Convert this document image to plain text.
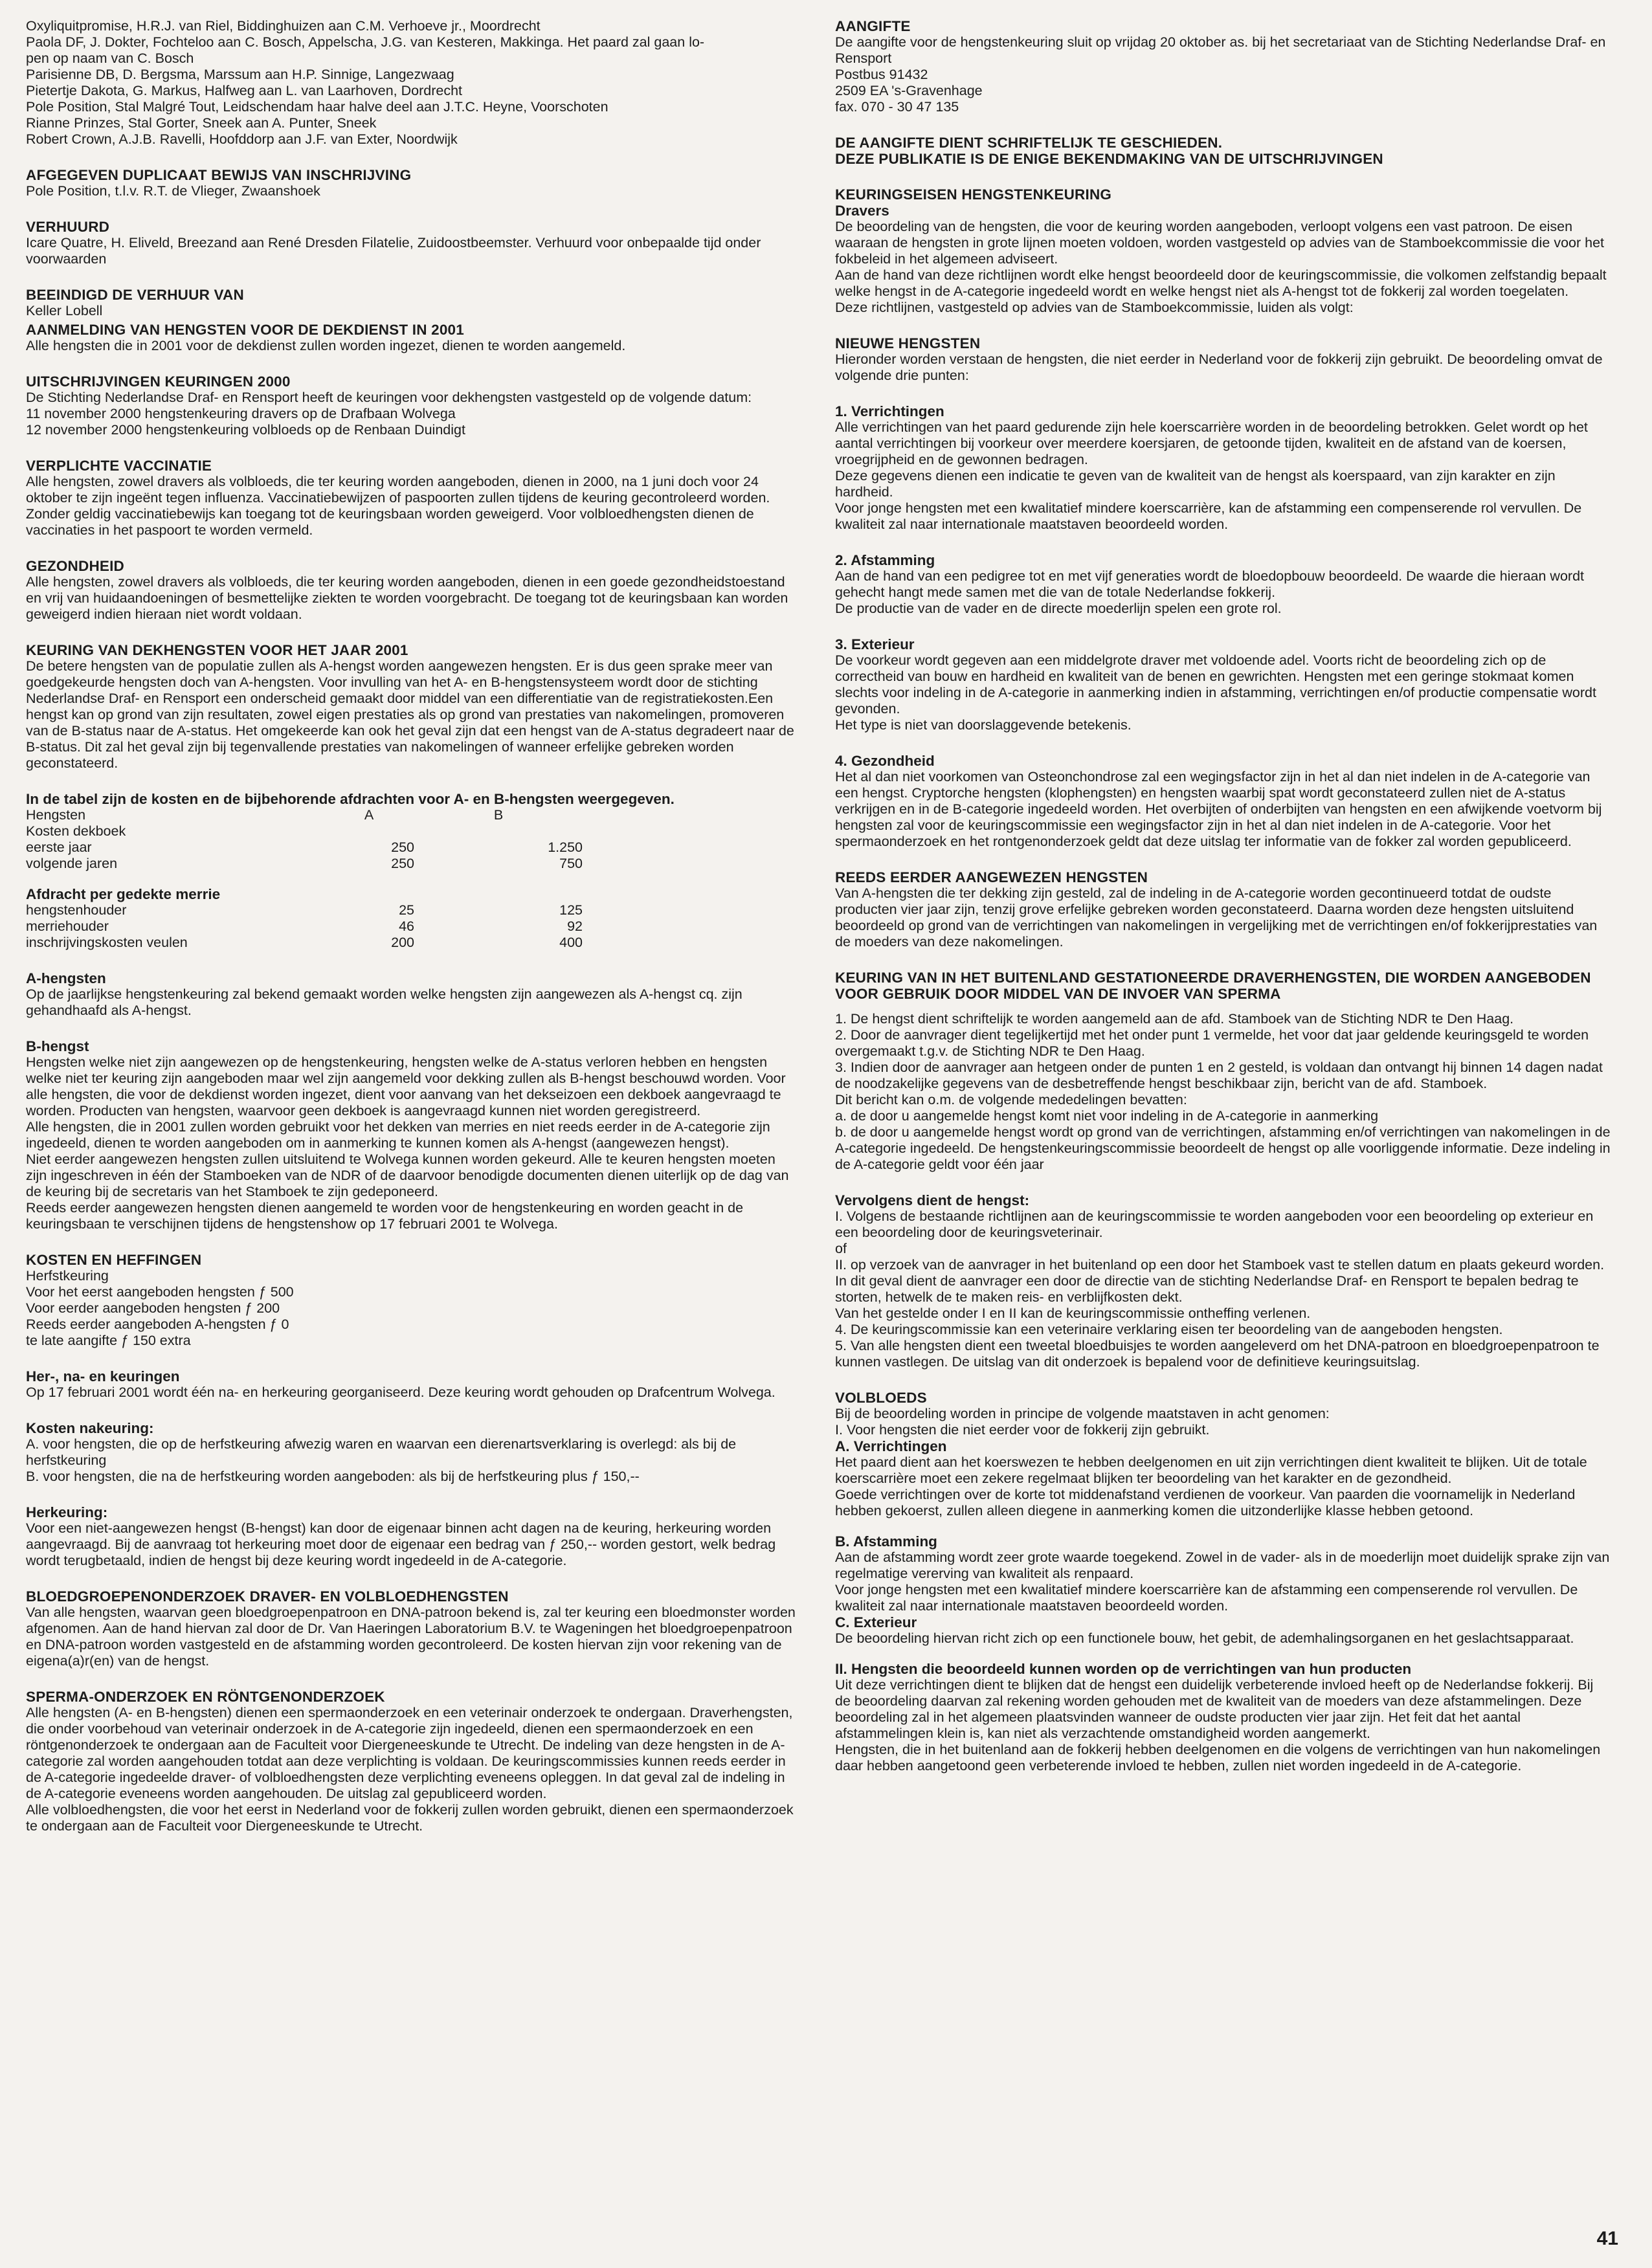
Oxyliquitpromise, H.R.J. van Riel, Biddinghuizen aan C.M. Verhoeve jr., Moordrecht
Paola DF, J. Dokter, Fochteloo aan C. Bosch, Appelscha, J.G. van Kesteren, Makkinga. Het paard zal gaan lo-
pen op naam van C. Bosch
Parisienne DB, D. Bergsma, Marssum aan H.P. Sinnige, Langezwaag
Pietertje Dakota, G. Markus, Halfweg aan L. van Laarhoven, Dordrecht
Pole Position, Stal Malgré Tout, Leidschendam haar halve deel aan J.T.C. Heyne, Voorschoten
Rianne Prinzes, Stal Gorter, Sneek aan A. Punter, Sneek
Robert Crown, A.J.B. Ravelli, Hoofddorp aan J.F. van Exter, Noordwijk
AFGEGEVEN DUPLICAAT BEWIJS VAN INSCHRIJVING

Pole Position, t.l.v. R.T. de Vlieger, Zwaanshoek

VERHUURD

Icare Quatre, H. Eliveld, Breezand aan René Dresden Filatelie, Zuidoostbeemster. Verhuurd voor onbepaalde tijd onder voorwaarden

BEEINDIGD DE VERHUUR VAN

Keller Lobell

AANMELDING VAN HENGSTEN VOOR DE DEKDIENST IN 2001

Alle hengsten die in 2001 voor de dekdienst zullen worden ingezet, dienen te worden aangemeld.

UITSCHRIJVINGEN KEURINGEN 2000

De Stichting Nederlandse Draf- en Rensport heeft de keuringen voor dekhengsten vastgesteld op de volgende datum:

11 november 2000 hengstenkeuring dravers op de Drafbaan Wolvega
12 november 2000 hengstenkeuring volbloeds op de Renbaan Duindigt
VERPLICHTE VACCINATIE

Alle hengsten, zowel dravers als volbloeds, die ter keuring worden aangeboden, dienen in 2000, na 1 juni doch voor 24 oktober te zijn ingeënt tegen influenza. Vaccinatiebewijzen of paspoorten zullen tijdens de keuring gecontroleerd worden. Zonder geldig vaccinatiebewijs kan toegang tot de keuringsbaan worden geweigerd. Voor volbloedhengsten dienen de vaccinaties in het paspoort te worden vermeld.

GEZONDHEID

Alle hengsten, zowel dravers als volbloeds, die ter keuring worden aangeboden, dienen in een goede gezondheidstoestand en vrij van huidaandoeningen of besmettelijke ziekten te worden voorgebracht. De toegang tot de keuringsbaan kan worden geweigerd indien hieraan niet wordt voldaan.

KEURING VAN DEKHENGSTEN VOOR HET JAAR 2001

De betere hengsten van de populatie zullen als A-hengst worden aangewezen hengsten. Er is dus geen sprake meer van goedgekeurde hengsten doch van A-hengsten. Voor invulling van het A- en B-hengstensysteem wordt door de stichting Nederlandse Draf- en Rensport een onderscheid gemaakt door middel van een differentiatie van de registratiekosten.Een hengst kan op grond van zijn resultaten, zowel eigen prestaties als op grond van prestaties van nakomelingen, promoveren van de B-status naar de A-status. Het omgekeerde kan ook het geval zijn dat een hengst van de A-status degradeert naar de B-status. Dit zal het geval zijn bij tegenvallende prestaties van nakomelingen of wanneer erfelijke gebreken worden geconstateerd.

In de tabel zijn de kosten en de bijbehorende afdrachten voor A- en B-hengsten weergegeven.
Hengsten	A	B
Kosten dekboek		
eerste jaar	250	1.250
volgende jaren	250	750

Afdracht per gedekte merrie		
hengstenhouder	25	125
merriehouder	46	92
inschrijvingskosten veulen	200	400
A-hengsten

Op de jaarlijkse hengstenkeuring zal bekend gemaakt worden welke hengsten zijn aangewezen als A-hengst cq. zijn gehandhaafd als A-hengst.

B-hengst

Hengsten welke niet zijn aangewezen op de hengstenkeuring, hengsten welke de A-status verloren hebben en hengsten welke niet ter keuring zijn aangeboden maar wel zijn aangemeld voor dekking zullen als B-hengst beschouwd worden. Voor alle hengsten, die voor de dekdienst worden ingezet, dient voor aanvang van het dekseizoen een dekboek aangevraagd te worden. Producten van hengsten, waarvoor geen dekboek is aangevraagd kunnen niet worden geregistreerd.

Alle hengsten, die in 2001 zullen worden gebruikt voor het dekken van merries en niet reeds eerder in de A-categorie zijn ingedeeld, dienen te worden aangeboden om in aanmerking te kunnen komen als A-hengst (aangewezen hengst).

Niet eerder aangewezen hengsten zullen uitsluitend te Wolvega kunnen worden gekeurd. Alle te keuren hengsten moeten zijn ingeschreven in één der Stamboeken van de NDR of de daarvoor benodigde documenten dienen uiterlijk op de dag van de keuring bij de secretaris van het Stamboek te zijn gedeponeerd.

Reeds eerder aangewezen hengsten dienen aangemeld te worden voor de hengstenkeuring en worden geacht in de keuringsbaan te verschijnen tijdens de hengstenshow op 17 februari 2001 te Wolvega.

KOSTEN EN HEFFINGEN
Herfstkeuring
Voor het eerst aangeboden hengsten ƒ 500
Voor eerder aangeboden hengsten ƒ 200
Reeds eerder aangeboden A-hengsten ƒ 0
te late aangifte ƒ 150 extra
Her-, na- en keuringen

Op 17 februari 2001 wordt één na- en herkeuring georganiseerd. Deze keuring wordt gehouden op Drafcentrum Wolvega.

Kosten nakeuring:

A. voor hengsten, die op de herfstkeuring afwezig waren en waarvan een dierenartsverklaring is overlegd: als bij de herfstkeuring

B. voor hengsten, die na de herfstkeuring worden aangeboden: als bij de herfstkeuring plus ƒ 150,--

Herkeuring:

Voor een niet-aangewezen hengst (B-hengst) kan door de eigenaar binnen acht dagen na de keuring, herkeuring worden aangevraagd. Bij de aanvraag tot herkeuring moet door de eigenaar een bedrag van ƒ 250,-- worden gestort, welk bedrag wordt terugbetaald, indien de hengst bij deze keuring wordt ingedeeld in de A-categorie.

BLOEDGROEPENONDERZOEK DRAVER- EN VOLBLOEDHENGSTEN

Van alle hengsten, waarvan geen bloedgroepenpatroon en DNA-patroon bekend is, zal ter keuring een bloedmonster worden afgenomen. Aan de hand hiervan zal door de Dr. Van Haeringen Laboratorium B.V. te Wageningen het bloedgroepenpatroon en DNA-patroon worden vastgesteld en de afstamming worden gecontroleerd. De kosten hiervan zijn voor rekening van de eigena(a)r(en) van de hengst.

SPERMA-ONDERZOEK EN RÖNTGENONDERZOEK

Alle hengsten (A- en B-hengsten) dienen een spermaonderzoek en een veterinair onderzoek te ondergaan. Draverhengsten, die onder voorbehoud van veterinair onderzoek in de A-categorie zijn ingedeeld, dienen een spermaonderzoek en een röntgenonderzoek te ondergaan aan de Faculteit voor Diergeneeskunde te Utrecht. De indeling van deze hengsten in de A-categorie zal worden aangehouden totdat aan deze verplichting is voldaan. De keuringscommissies kunnen reeds eerder in de A-categorie ingedeelde draver- of volbloedhengsten deze verplichting eveneens opleggen. In dat geval zal de indeling in de A-categorie eveneens worden aangehouden. De uitslag zal gepubliceerd worden.

Alle volbloedhengsten, die voor het eerst in Nederland voor de fokkerij zullen worden gebruikt, dienen een spermaonderzoek te ondergaan aan de Faculteit voor Diergeneeskunde te Utrecht.

AANGIFTE

De aangifte voor de hengstenkeuring sluit op vrijdag 20 oktober as. bij het secretariaat van de Stichting Nederlandse Draf- en Rensport

Postbus 91432
2509 EA 's-Gravenhage
fax. 070 - 30 47 135
DE AANGIFTE DIENT SCHRIFTELIJK TE GESCHIEDEN.
DEZE PUBLIKATIE IS DE ENIGE BEKENDMAKING VAN DE UITSCHRIJVINGEN
KEURINGSEISEN HENGSTENKEURING
Dravers

De beoordeling van de hengsten, die voor de keuring worden aangeboden, verloopt volgens een vast patroon. De eisen waaraan de hengsten in grote lijnen moeten voldoen, worden vastgesteld op advies van de Stamboekcommissie die voor het fokbeleid in het algemeen adviseert.

Aan de hand van deze richtlijnen wordt elke hengst beoordeeld door de keuringscommissie, die volkomen zelfstandig bepaalt welke hengst in de A-categorie ingedeeld wordt en welke hengst niet als A-hengst tot de fokkerij zal worden toegelaten.

Deze richtlijnen, vastgesteld op advies van de Stamboekcommissie, luiden als volgt:

NIEUWE HENGSTEN

Hieronder worden verstaan de hengsten, die niet eerder in Nederland voor de fokkerij zijn gebruikt. De beoordeling omvat de volgende drie punten:

1. Verrichtingen

Alle verrichtingen van het paard gedurende zijn hele koerscarrière worden in de beoordeling betrokken. Gelet wordt op het aantal verrichtingen bij voorkeur over meerdere koersjaren, de getoonde tijden, kwaliteit en de afstand van de koersen, vroegrijpheid en de gewonnen bedragen.

Deze gegevens dienen een indicatie te geven van de kwaliteit van de hengst als koerspaard, van zijn karakter en zijn hardheid.

Voor jonge hengsten met een kwalitatief mindere koerscarrière, kan de afstamming een compenserende rol vervullen. De kwaliteit zal naar internationale maatstaven beoordeeld worden.

2. Afstamming

Aan de hand van een pedigree tot en met vijf generaties wordt de bloedopbouw beoordeeld. De waarde die hieraan wordt gehecht hangt mede samen met die van de totale Nederlandse fokkerij.

De productie van de vader en de directe moederlijn spelen een grote rol.

3. Exterieur

De voorkeur wordt gegeven aan een middelgrote draver met voldoende adel. Voorts richt de beoordeling zich op de correctheid van bouw en hardheid en kwaliteit van de benen en gewrichten. Hengsten met een geringe stokmaat komen slechts voor indeling in de A-categorie in aanmerking indien in afstamming, verrichtingen en/of productie compensatie wordt gevonden.

Het type is niet van doorslaggevende betekenis.

4. Gezondheid

Het al dan niet voorkomen van Osteonchondrose zal een wegingsfactor zijn in het al dan niet indelen in de A-categorie van een hengst. Cryptorche hengsten (klophengsten) en hengsten waarbij spat wordt geconstateerd zullen niet de A-status verkrijgen en in de B-categorie ingedeeld worden. Het overbijten of onderbijten van hengsten en een afwijkende voetvorm bij hengsten zal voor de keuringscommissie een wegingsfactor zijn in het al dan niet indelen in de A-categorie. Voor het spermaonderzoek en het rontgenonderzoek geldt dat deze uitslag ter informatie van de fokker zal worden gepubliceerd.

REEDS EERDER AANGEWEZEN HENGSTEN

Van A-hengsten die ter dekking zijn gesteld, zal de indeling in de A-categorie worden gecontinueerd totdat de oudste producten vier jaar zijn, tenzij grove erfelijke gebreken worden geconstateerd. Daarna worden deze hengsten uitsluitend beoordeeld op grond van de verrichtingen van nakomelingen in vergelijking met de verrichtingen en/of fokkerijprestaties van de moeders van deze nakomelingen.

KEURING VAN IN HET BUITENLAND GESTATIONEERDE DRAVERHENGSTEN, DIE WORDEN AANGEBODEN VOOR GEBRUIK DOOR MIDDEL VAN DE INVOER VAN SPERMA

1. De hengst dient schriftelijk te worden aangemeld aan de afd. Stamboek van de Stichting NDR te Den Haag.

2. Door de aanvrager dient tegelijkertijd met het onder punt 1 vermelde, het voor dat jaar geldende keuringsgeld te worden overgemaakt t.g.v. de Stichting NDR te Den Haag.

3. Indien door de aanvrager aan hetgeen onder de punten 1 en 2 gesteld, is voldaan dan ontvangt hij binnen 14 dagen nadat de noodzakelijke gegevens van de desbetreffende hengst beschikbaar zijn, bericht van de afd. Stamboek.

Dit bericht kan o.m. de volgende mededelingen bevatten:

a. de door u aangemelde hengst komt niet voor indeling in de A-categorie in aanmerking

b. de door u aangemelde hengst wordt op grond van de verrichtingen, afstamming en/of verrichtingen van nakomelingen in de A-categorie ingedeeld. De hengstenkeuringscommissie beoordeelt de hengst op alle voorliggende informatie. Deze indeling in de A-categorie geldt voor één jaar

Vervolgens dient de hengst:

I. Volgens de bestaande richtlijnen aan de keuringscommissie te worden aangeboden voor een beoordeling op exterieur en een beoordeling door de keuringsveterinair.

of

II. op verzoek van de aanvrager in het buitenland op een door het Stamboek vast te stellen datum en plaats gekeurd worden. In dit geval dient de aanvrager een door de directie van de stichting Nederlandse Draf- en Rensport te bepalen bedrag te storten, hetwelk de te maken reis- en verblijfkosten dekt.

Van het gestelde onder I en II kan de keuringscommissie ontheffing verlenen.

4. De keuringscommissie kan een veterinaire verklaring eisen ter beoordeling van de aangeboden hengsten.

5. Van alle hengsten dient een tweetal bloedbuisjes te worden aangeleverd om het DNA-patroon en bloedgroepenpatroon te kunnen vastlegen. De uitslag van dit onderzoek is bepalend voor de definitieve keuringsuitslag.

VOLBLOEDS

Bij de beoordeling worden in principe de volgende maatstaven in acht genomen:

I. Voor hengsten die niet eerder voor de fokkerij zijn gebruikt.

A. Verrichtingen

Het paard dient aan het koerswezen te hebben deelgenomen en uit zijn verrichtingen dient kwaliteit te blijken. Uit de totale koerscarrière moet een zekere regelmaat blijken ter beoordeling van het karakter en de gezondheid.

Goede verrichtingen over de korte tot middenafstand verdienen de voorkeur. Van paarden die voornamelijk in Nederland hebben gekoerst, zullen alleen diegene in aanmerking komen die uitzonderlijke klasse hebben getoond.

B. Afstamming

Aan de afstamming wordt zeer grote waarde toegekend. Zowel in de vader- als in de moederlijn moet duidelijk sprake zijn van regelmatige vererving van kwaliteit als renpaard.

Voor jonge hengsten met een kwalitatief mindere koerscarrière kan de afstamming een compenserende rol vervullen. De kwaliteit zal naar internationale maatstaven beoordeeld worden.

C. Exterieur

De beoordeling hiervan richt zich op een functionele bouw, het gebit, de ademhalingsorganen en het geslachtsapparaat.

II. Hengsten die beoordeeld kunnen worden op de verrichtingen van hun producten

Uit deze verrichtingen dient te blijken dat de hengst een duidelijk verbeterende invloed heeft op de Nederlandse fokkerij. Bij de beoordeling daarvan zal rekening worden gehouden met de kwaliteit van de moeders van deze afstammelingen. Deze beoordeling zal in het algemeen plaatsvinden wanneer de oudste producten vier jaar zijn. Het feit dat het aantal afstammelingen klein is, kan niet als verzachtende omstandigheid worden aangemerkt.

Hengsten, die in het buitenland aan de fokkerij hebben deelgenomen en die volgens de verrichtingen van hun nakomelingen daar hebben aangetoond geen verbeterende invloed te hebben, zullen niet worden ingedeeld in de A-categorie.

41
